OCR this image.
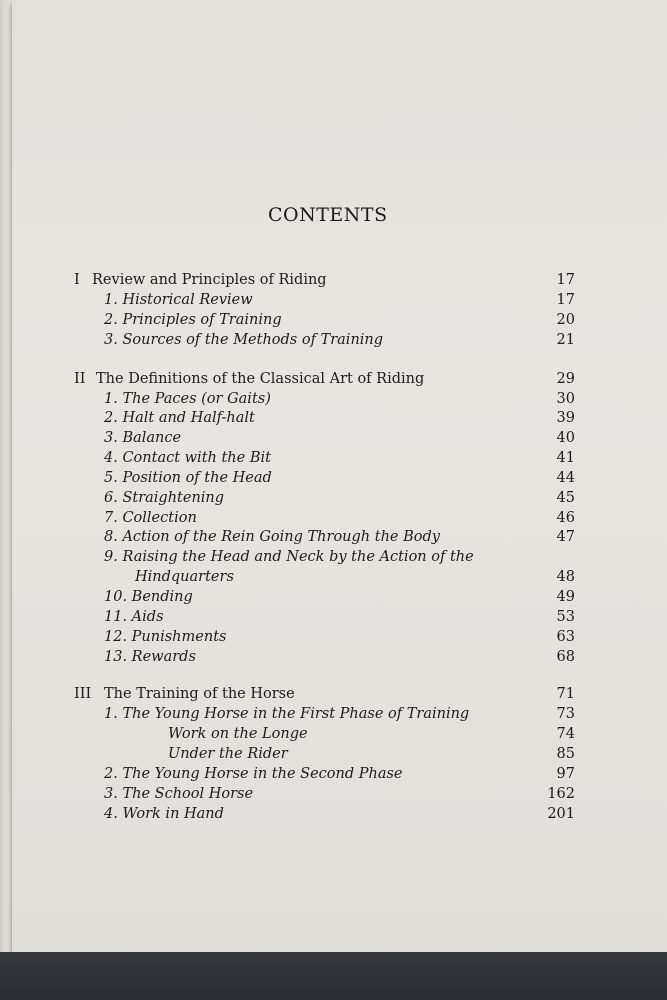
CONTENTS
I Review and Principles of Riding	17
1. Historical Review	17
2. Principles of Training	20
3. Sources of the Methods of Training	21
II The Definitions of the Classical Art of Riding	29
1. The Paces (or Gaits)	30
2. Halt and Half-halt	39
3. Balance	40
4. Contact with the Bit	41
5. Position of the Head	44
6. Straightening	45
7. Collection	46
8. Action of the Rein Going Through the Body	47
9. Raising the Head and Neck by the Action of the
Hindquarters	48
10. Bending	49
11. Aids	53
12. Punishments	63
13. Rewards	68
III The Training of the Horse	71
1. The Young Horse in the First Phase of Training	73
Work on the Longe	74
Under the Rider	85
2. The Young Horse in the Second Phase	97
3. The School Horse	162
4. Work in Hand	201
